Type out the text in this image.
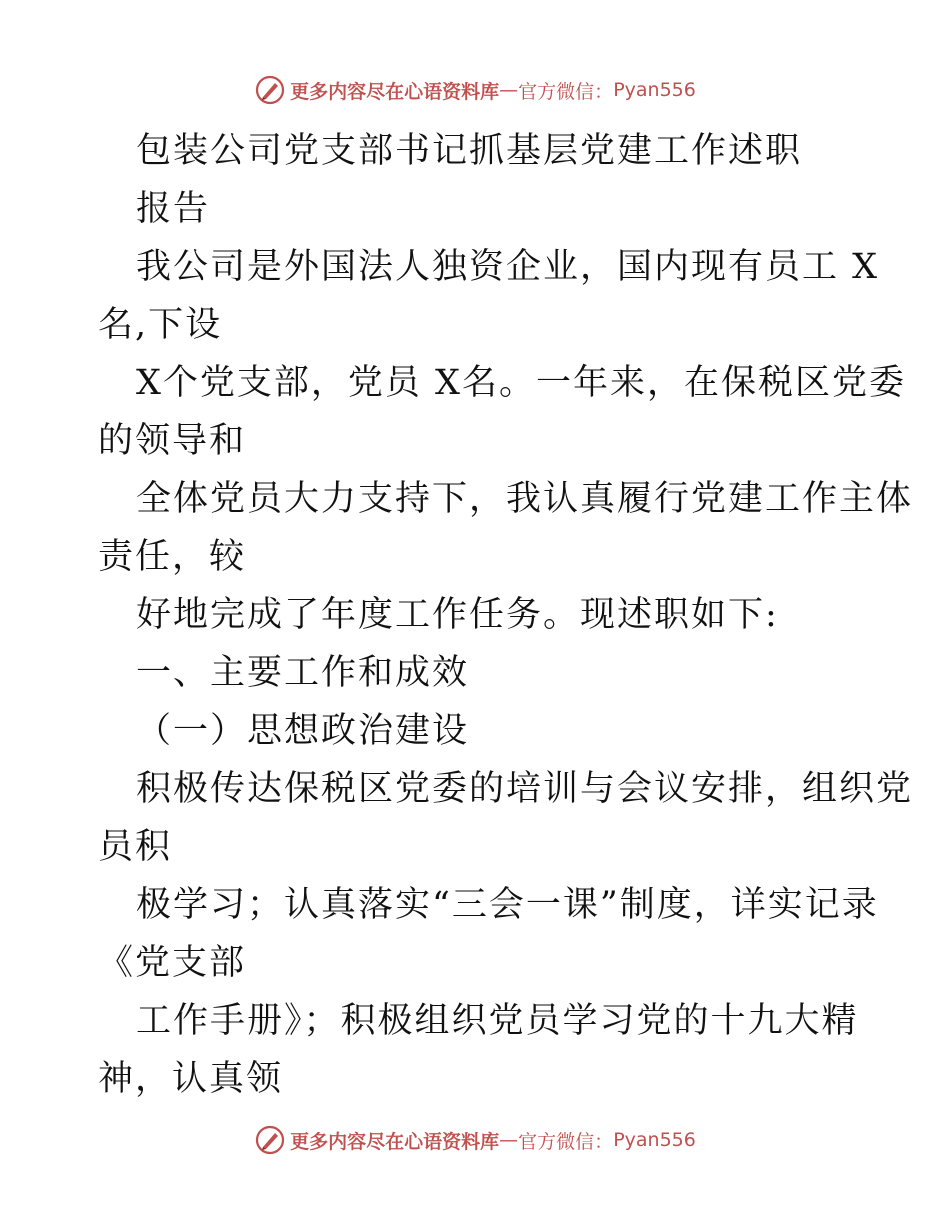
更多内容尽在心语资料库 — 官方微信： Pyan556
包装公司党支部书记抓基层党建工作述职
报告
我公司是外国法人独资企业，国内现有员工 X
名,下设
X个党支部，党员 X名。一年来，在保税区党委
的领导和
全体党员大力支持下，我认真履行党建工作主体
责任，较
好地完成了年度工作任务。现述职如下:
一、主要工作和成效
（一）思想政治建设
积极传达保税区党委的培训与会议安排，组织党
员积
极学习；认真落实“三会一课”制度，详实记录
《党支部
工作手册》；积极组织党员学习党的十九大精
神，认真领
更多内容尽在心语资料库 — 官方微信： Pyan556
